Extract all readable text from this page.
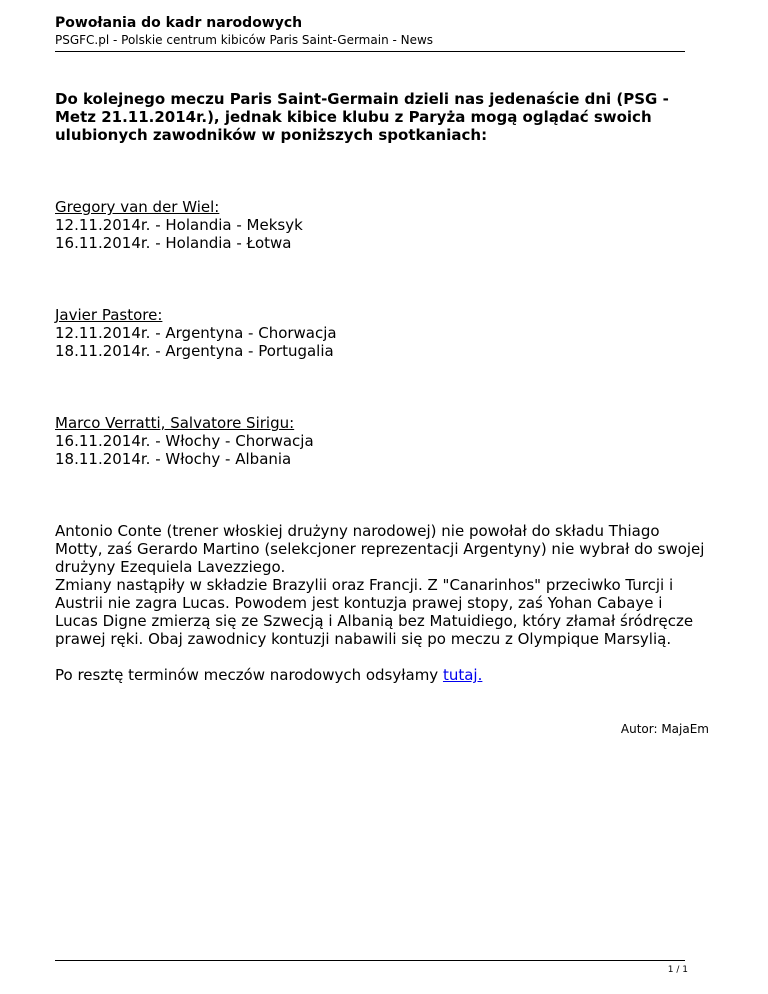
Powołania do kadr narodowych
PSGFC.pl - Polskie centrum kibiców Paris Saint-Germain - News

Do kolejnego meczu Paris Saint-Germain dzieli nas jedenaście dni (PSG - Metz 21.11.2014r.), jednak kibice klubu z Paryża mogą oglądać swoich ulubionych zawodników w poniższych spotkaniach:

Gregory van der Wiel:
12.11.2014r. - Holandia - Meksyk
16.11.2014r. - Holandia - Łotwa
Javier Pastore:
12.11.2014r. - Argentyna - Chorwacja
18.11.2014r. - Argentyna - Portugalia
Marco Verratti, Salvatore Sirigu:
16.11.2014r. - Włochy - Chorwacja
18.11.2014r. - Włochy - Albania

Antonio Conte (trener włoskiej drużyny narodowej) nie powołał do składu Thiago Motty, zaś Gerardo Martino (selekcjoner reprezentacji Argentyny) nie wybrał do swojej drużyny Ezequiela Lavezziego.

Zmiany nastąpiły w składzie Brazylii oraz Francji. Z "Canarinhos" przeciwko Turcji i Austrii nie zagra Lucas. Powodem jest kontuzja prawej stopy, zaś Yohan Cabaye i Lucas Digne zmierzą się ze Szwecją i Albanią bez Matuidiego, który złamał śródręcze prawej ręki. Obaj zawodnicy kontuzji nabawili się po meczu z Olympique Marsylią.

Po resztę terminów meczów narodowych odsyłamy tutaj.

Autor: MajaEm
1 / 1
